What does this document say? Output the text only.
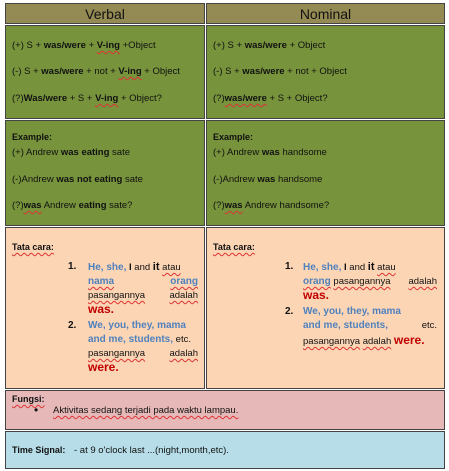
Verbal	Nominal
(+) S + was/were + V-ing +Object
(-) S + was/were + not + V-ing + Object
(?)Was/were + S + V-ing + Object?
(+) S + was/were + Object
(-) S + was/were + not + Object
(?)was/were + S + Object?
Example:
(+) Andrew was eating sate
(-)Andrew was not eating sate
(?)was Andrew eating sate?
Example:
(+) Andrew was handsome
(-)Andrew was handsome
(?)was Andrew handsome?
Tata cara:
1. He, she, I and it atau
nama	orang
pasangannya	adalah
was.
2. We, you, they, mama
and me, students, etc.
pasangannya	adalah
were.
Tata cara:
1. He, she, I and it atau
orang pasangannya adalah
was.
2. We, you, they, mama
and me, students,	etc.
pasangannya adalah were.
Fungsi:
• Aktivitas sedang terjadi pada waktu lampau.
Time Signal: - at 9 o'clock last ...(night,month,etc).
